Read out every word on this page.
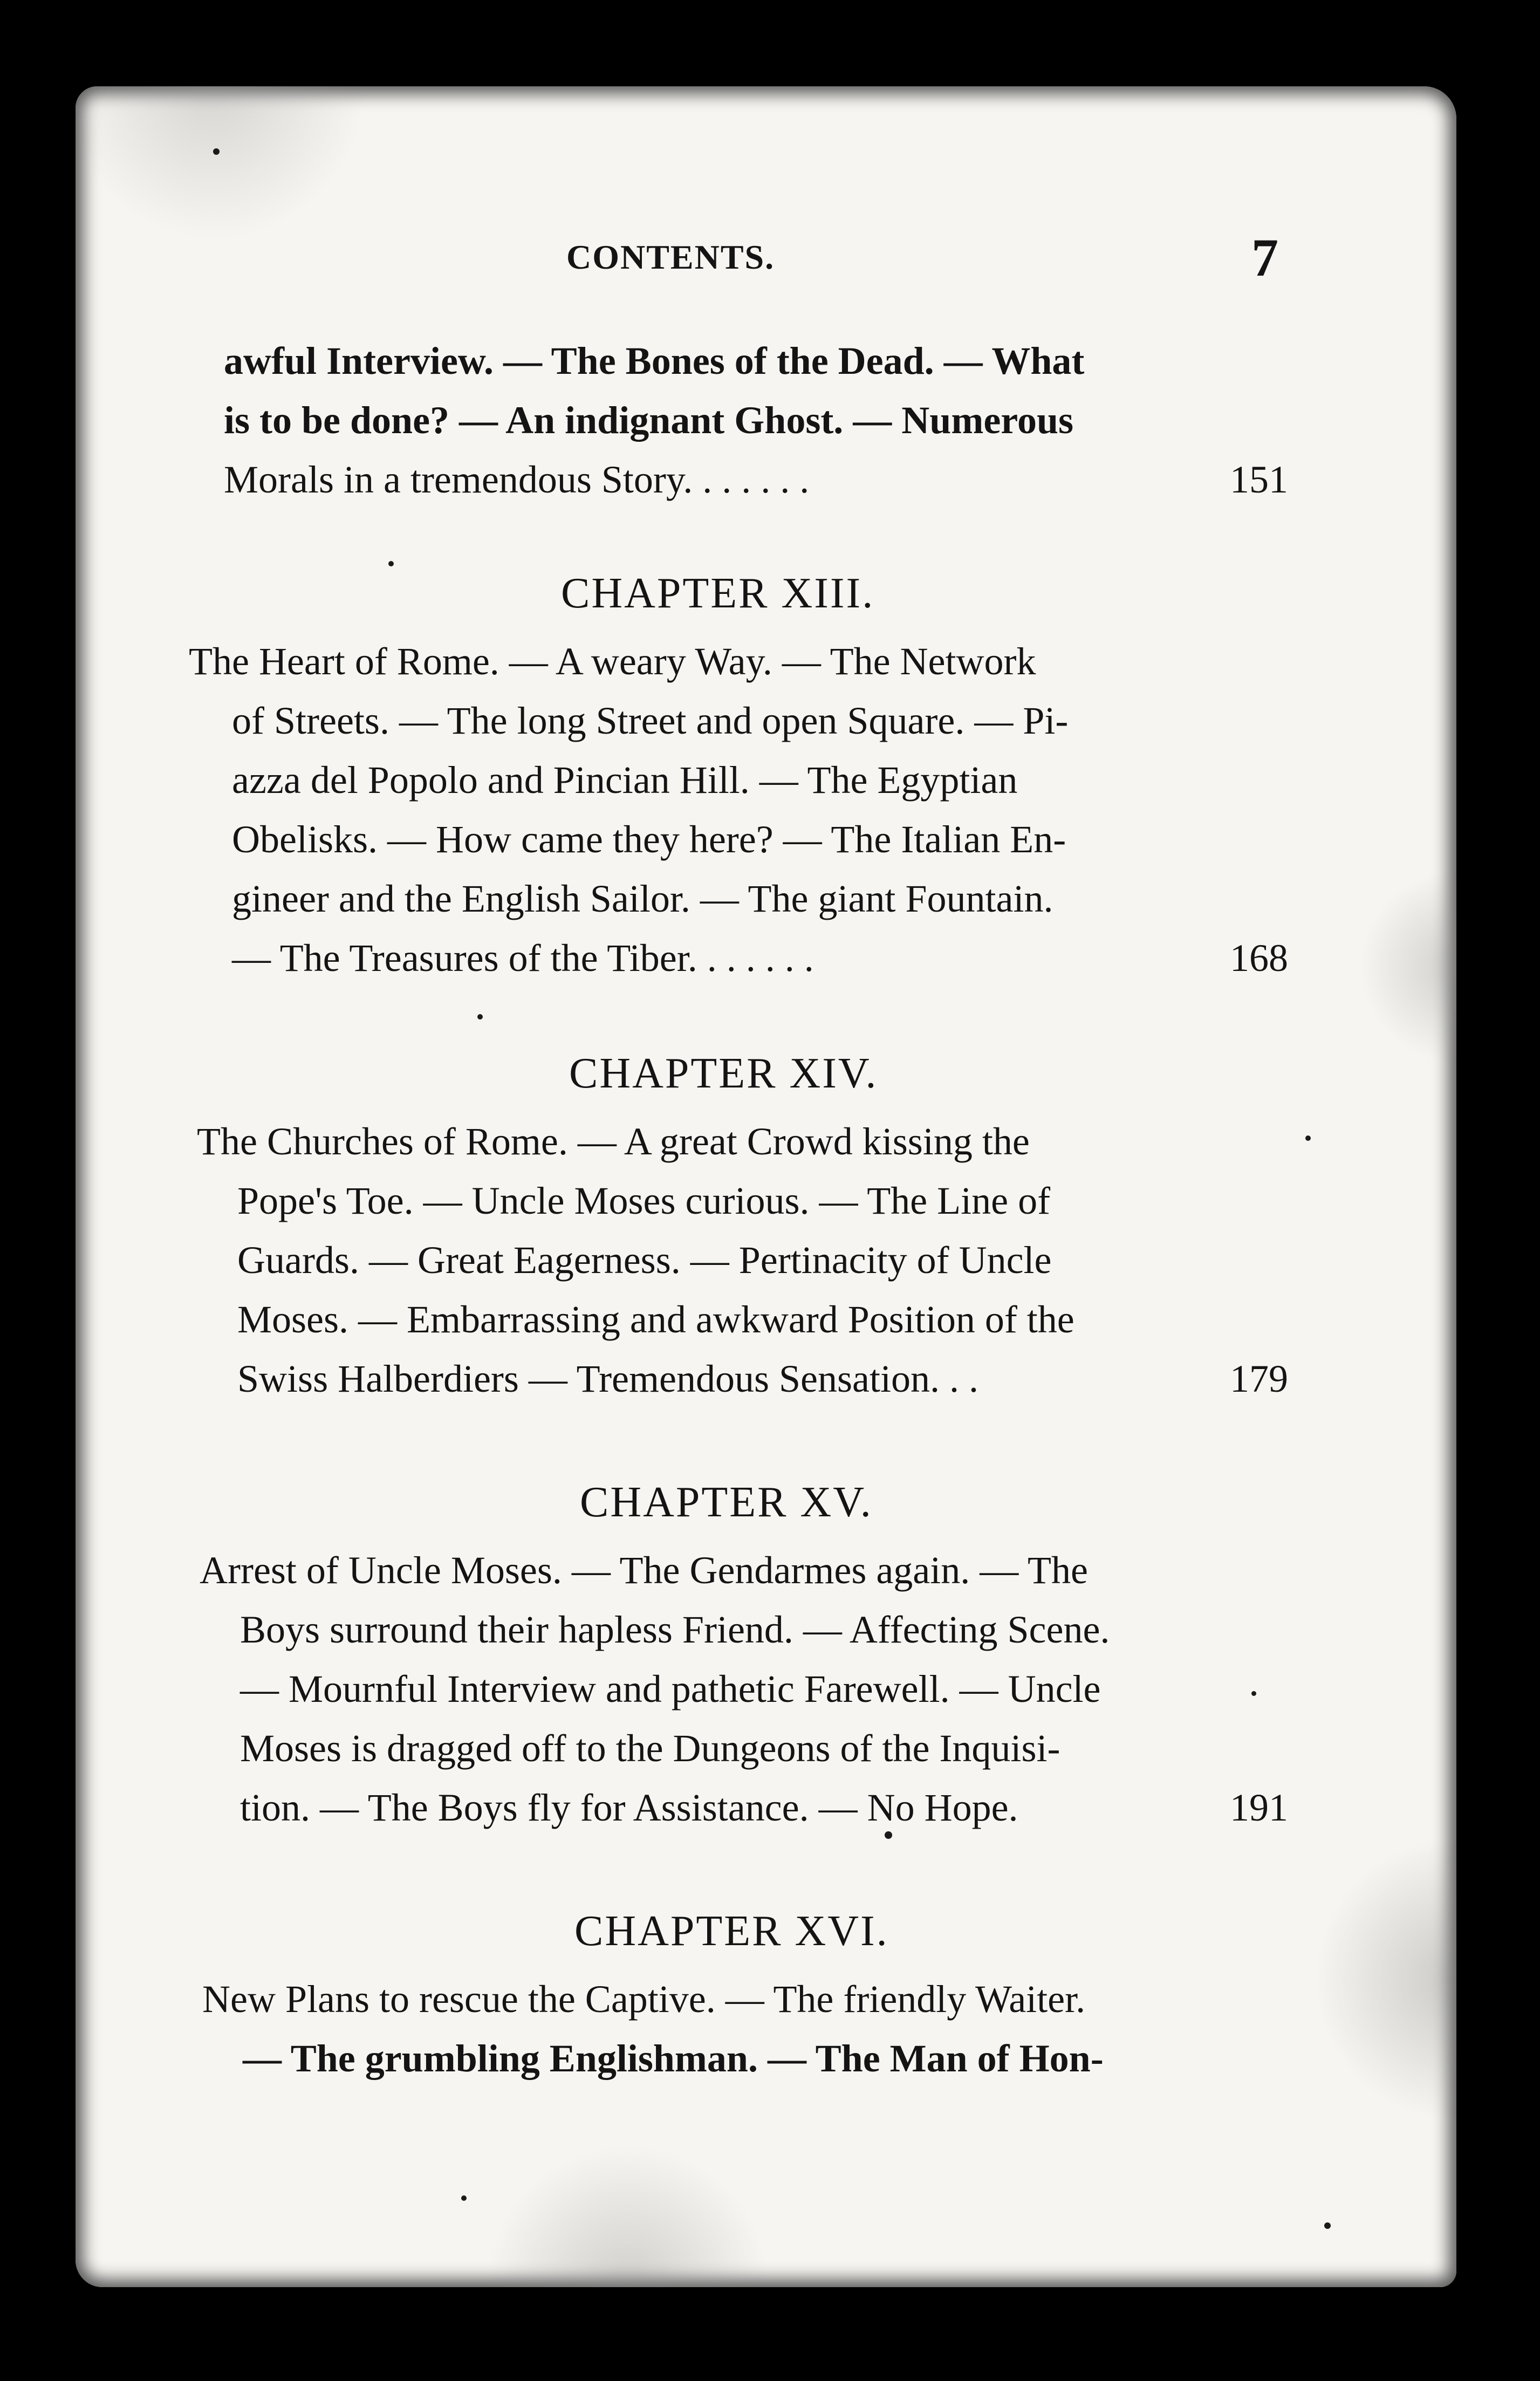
CONTENTS.	7
awful Interview. — The Bones of the Dead. — What
is to be done? — An indignant Ghost. — Numerous
Morals in a tremendous Story. . . . . . .	151
CHAPTER XIII.
The Heart of Rome. — A weary Way. — The Network
of Streets. — The long Street and open Square. — Pi-
azza del Popolo and Pincian Hill. — The Egyptian
Obelisks. — How came they here? — The Italian En-
gineer and the English Sailor. — The giant Fountain.
— The Treasures of the Tiber. . . . . . .	168
CHAPTER XIV.
The Churches of Rome. — A great Crowd kissing the
Pope's Toe. — Uncle Moses curious. — The Line of
Guards. — Great Eagerness. — Pertinacity of Uncle
Moses. — Embarrassing and awkward Position of the
Swiss Halberdiers — Tremendous Sensation. . .	179
CHAPTER XV.
Arrest of Uncle Moses. — The Gendarmes again. — The
Boys surround their hapless Friend. — Affecting Scene.
— Mournful Interview and pathetic Farewell. — Uncle
Moses is dragged off to the Dungeons of the Inquisi-
tion. — The Boys fly for Assistance. — No Hope.	191
CHAPTER XVI.
New Plans to rescue the Captive. — The friendly Waiter.
— The grumbling Englishman. — The Man of Hon-
